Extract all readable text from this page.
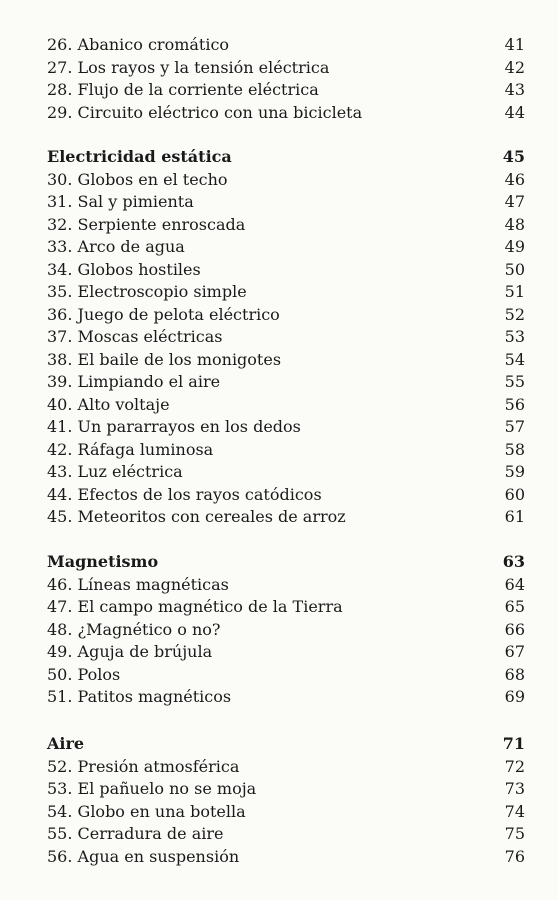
26. Abanico cromático	41
27. Los rayos y la tensión eléctrica	42
28. Flujo de la corriente eléctrica	43
29. Circuito eléctrico con una bicicleta	44
Electricidad estática	45
30. Globos en el techo	46
31. Sal y pimienta	47
32. Serpiente enroscada	48
33. Arco de agua	49
34. Globos hostiles	50
35. Electroscopio simple	51
36. Juego de pelota eléctrico	52
37. Moscas eléctricas	53
38. El baile de los monigotes	54
39. Limpiando el aire	55
40. Alto voltaje	56
41. Un pararrayos en los dedos	57
42. Ráfaga luminosa	58
43. Luz eléctrica	59
44. Efectos de los rayos catódicos	60
45. Meteoritos con cereales de arroz	61
Magnetismo	63
46. Líneas magnéticas	64
47. El campo magnético de la Tierra	65
48. ¿Magnético o no?	66
49. Aguja de brújula	67
50. Polos	68
51. Patitos magnéticos	69
Aire	71
52. Presión atmosférica	72
53. El pañuelo no se moja	73
54. Globo en una botella	74
55. Cerradura de aire	75
56. Agua en suspensión	76
